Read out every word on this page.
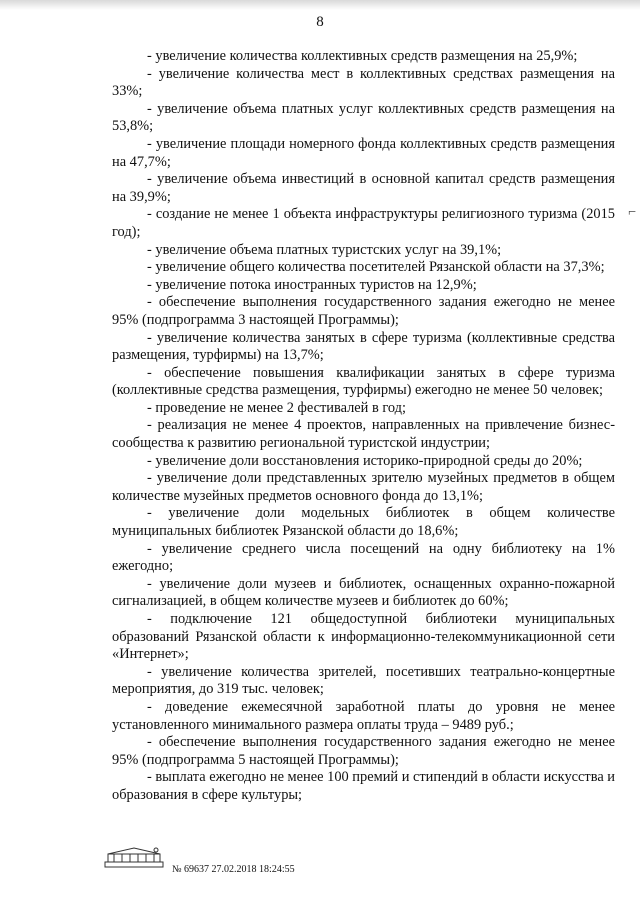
8

- увеличение количества коллективных средств размещения на 25,9%;

- увеличение количества мест в коллективных средствах размещения на 33%;

- увеличение объема платных услуг коллективных средств размещения на 53,8%;

- увеличение площади номерного фонда коллективных средств размещения на 47,7%;

- увеличение объема инвестиций в основной капитал средств размещения на 39,9%;

- создание не менее 1 объекта инфраструктуры религиозного туризма (2015 год);

- увеличение объема платных туристских услуг на 39,1%;

- увеличение общего количества посетителей Рязанской области на 37,3%;

- увеличение потока иностранных туристов на 12,9%;

- обеспечение выполнения государственного задания ежегодно не менее 95% (подпрограмма 3 настоящей Программы);

- увеличение количества занятых в сфере туризма (коллективные средства размещения, турфирмы) на 13,7%;

- обеспечение повышения квалификации занятых в сфере туризма (коллективные средства размещения, турфирмы) ежегодно не менее 50 человек;

- проведение не менее 2 фестивалей в год;

- реализация не менее 4 проектов, направленных на привлечение бизнес-сообщества к развитию региональной туристской индустрии;

- увеличение доли восстановления историко-природной среды до 20%;

- увеличение доли представленных зрителю музейных предметов в общем количестве музейных предметов основного фонда до 13,1%;

- увеличение доли модельных библиотек в общем количестве муниципальных библиотек Рязанской области до 18,6%;

- увеличение среднего числа посещений на одну библиотеку на 1% ежегодно;

- увеличение доли музеев и библиотек, оснащенных охранно-пожарной сигнализацией, в общем количестве музеев и библиотек до 60%;

- подключение 121 общедоступной библиотеки муниципальных образований Рязанской области к информационно-телекоммуникационной сети «Интернет»;

- увеличение количества зрителей, посетивших театрально-концертные мероприятия, до 319 тыс. человек;

- доведение ежемесячной заработной платы до уровня не менее установленного минимального размера оплаты труда – 9489 руб.;

- обеспечение выполнения государственного задания ежегодно не менее 95% (подпрограмма 5 настоящей Программы);

- выплата ежегодно не менее 100 премий и стипендий в области искусства и образования в сфере культуры;

⌐
№ 69637 27.02.2018 18:24:55
